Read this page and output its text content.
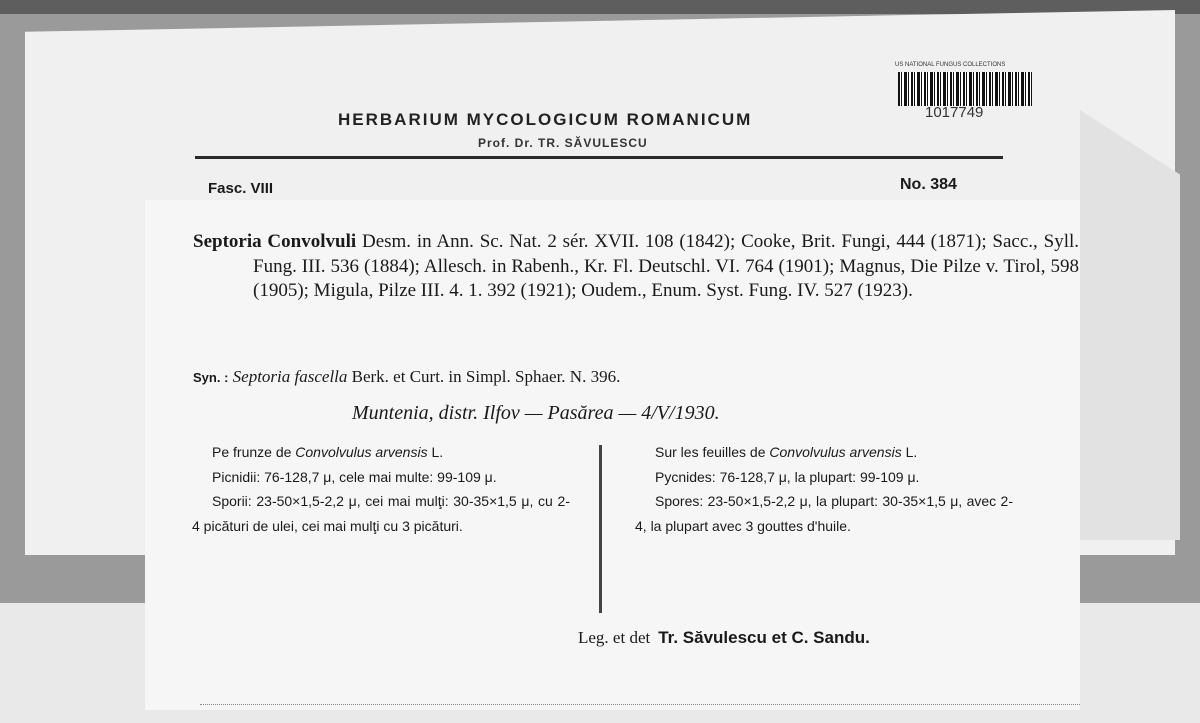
US NATIONAL FUNGUS COLLECTIONS
1017749
HERBARIUM MYCOLOGICUM ROMANICUM
Prof. Dr. TR. SĂVULESCU
Fasc. VIII	No. 384
Septoria Convolvuli Desm. in Ann. Sc. Nat. 2 sér. XVII. 108 (1842); Cooke, Brit. Fungi, 444 (1871); Sacc., Syll. Fung. III. 536 (1884); Allesch. in Rabenh., Kr. Fl. Deutschl. VI. 764 (1901); Magnus, Die Pilze v. Tirol, 598 (1905); Migula, Pilze III. 4. 1. 392 (1921); Oudem., Enum. Syst. Fung. IV. 527 (1923).
Syn. : Septoria fascella Berk. et Curt. in Simpl. Sphaer. N. 396.
Muntenia, distr. Ilfov — Pasărea — 4/V/1930.

Pe frunze de Convolvulus arvensis L.

Picnidii: 76-128,7 μ, cele mai multe: 99-109 μ.

Sporii: 23-50×1,5-2,2 μ, cei mai mulţi: 30-35×1,5 μ, cu 2-4 picături de ulei, cei mai mulţi cu 3 picături.

Sur les feuilles de Convolvulus arvensis L.

Pycnides: 76-128,7 μ, la plupart: 99-109 μ.

Spores: 23-50×1,5-2,2 μ, la plupart: 30-35×1,5 μ, avec 2-4, la plupart avec 3 gouttes d'huile.

Leg. et det Tr. Săvulescu et C. Sandu.
